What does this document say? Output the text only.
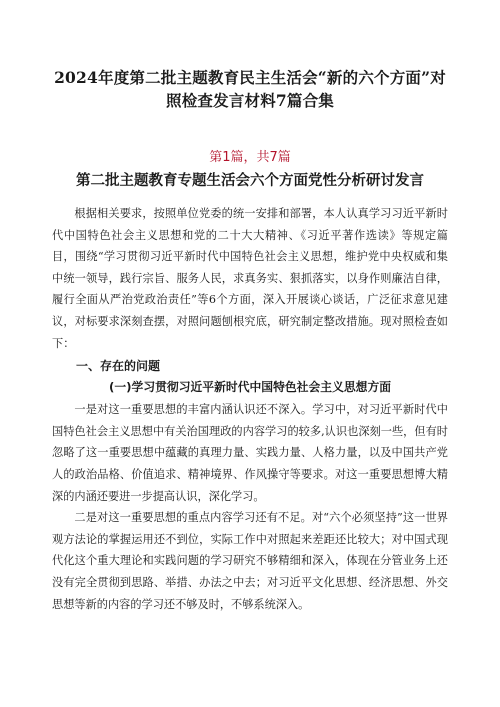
2024年度第二批主题教育民主生活会“新的六个方面”对
照检查发言材料7篇合集
第1篇，共7篇
第二批主题教育专题生活会六个方面党性分析研讨发言

根据相关要求，按照单位党委的统一安排和部署，本人认真学习习近平新时代中国特色社会主义思想和党的二十大大精神、《习近平著作选读》等规定篇目，围绕“学习贯彻习近平新时代中国特色社会主义思想，维护党中央权威和集中统一领导，践行宗旨、服务人民，求真务实、狠抓落实，以身作则廉洁自律，履行全面从严治党政治责任”等6个方面，深入开展谈心谈话，广泛征求意见建议，对标要求深刻查摆，对照问题刨根究底，研究制定整改措施。现对照检查如下：

一、存在的问题
(一)学习贯彻习近平新时代中国特色社会主义思想方面

一是对这一重要思想的丰富内涵认识还不深入。学习中，对习近平新时代中国特色社会主义思想中有关治国理政的内容学习的较多,认识也深刻一些，但有时忽略了这一重要思想中蕴藏的真理力量、实践力量、人格力量，以及中国共产党人的政治品格、价值追求、精神境界、作风操守等要求。对这一重要思想博大精深的内涵还要进一步提高认识，深化学习。

二是对这一重要思想的重点内容学习还有不足。对“六个必须坚持”这一世界观方法论的掌握运用还不到位，实际工作中对照起来差距还比较大；对中国式现代化这个重大理论和实践问题的学习研究不够精细和深入，体现在分管业务上还没有完全贯彻到思路、举措、办法之中去；对习近平文化思想、经济思想、外交思想等新的内容的学习还不够及时，不够系统深入。
